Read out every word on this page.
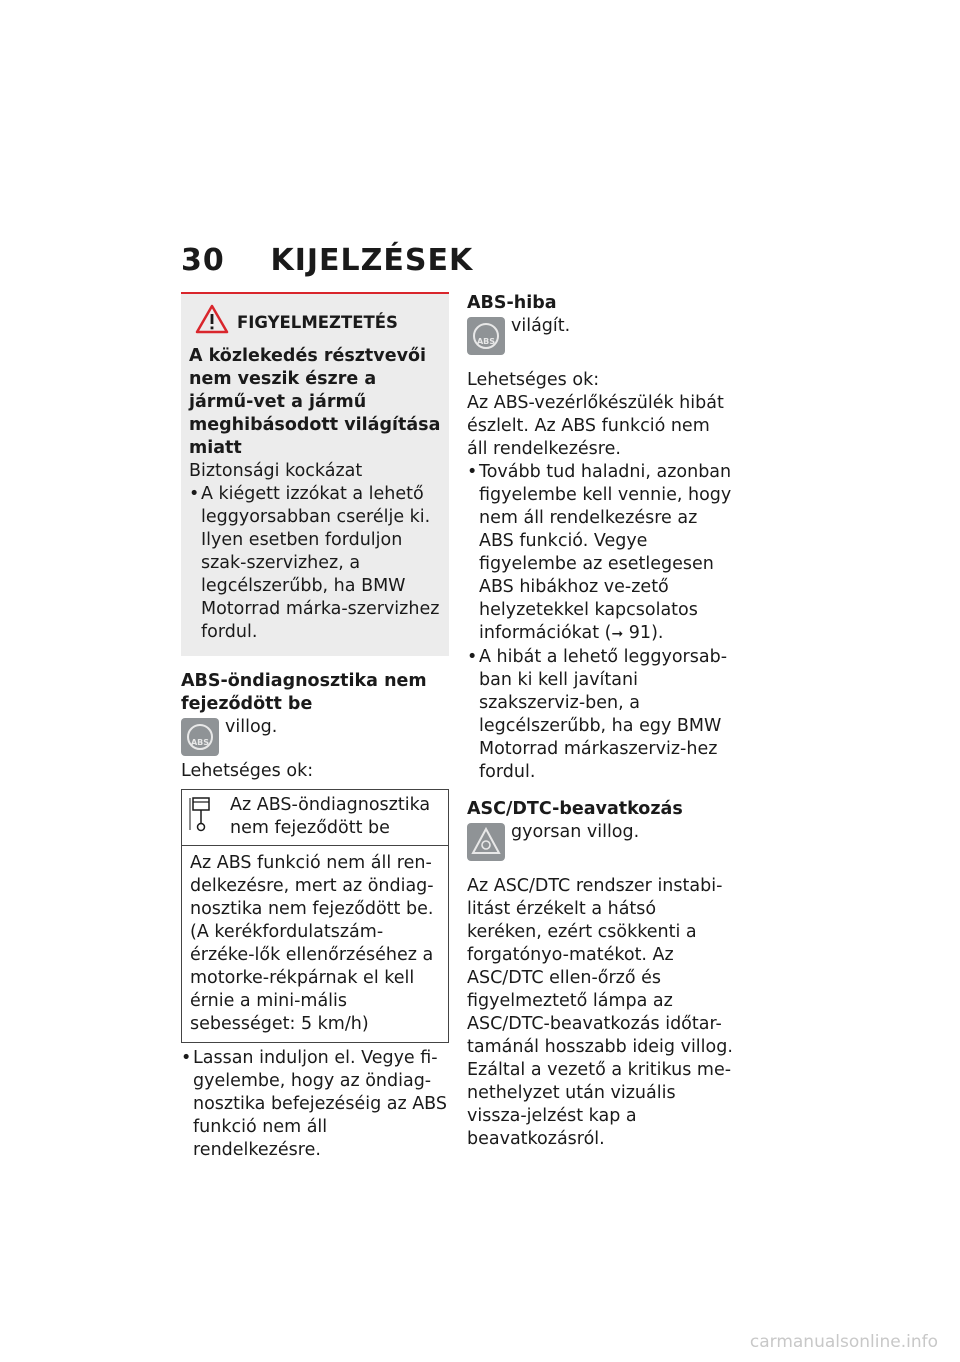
30 KIJELZÉSEK
FIGYELMEZTETÉS

A közlekedés résztvevői nem veszik észre a jármű-vet a jármű meghibásodott világítása miatt

Biztonsági kockázat

• A kiégett izzókat a lehető leggyorsabban cserélje ki. Ilyen esetben forduljon szak-szervizhez, a legcélszerűbb, ha BMW Motorrad márka-szervizhez fordul.

ABS-öndiagnosztika nem fejeződött be

ABS
villog.

Lehetséges ok:

Az ABS-öndiagnosztika nem fejeződött be
Az ABS funkció nem áll ren-delkezésre, mert az öndiag-nosztika nem fejeződött be. (A kerékfordulatszám-érzéke-lők ellenőrzéséhez a motorke-rékpárnak el kell érnie a mini-mális sebességet: 5 km/h)
• Lassan induljon el. Vegye fi-gyelembe, hogy az öndiag-nosztika befejezéséig az ABS funkció nem áll rendelkezésre.

ABS-hiba

ABS
világít.

Lehetséges ok:

Az ABS-vezérlőkészülék hibát észlelt. Az ABS funkció nem áll rendelkezésre.

• Tovább tud haladni, azonban figyelembe kell vennie, hogy nem áll rendelkezésre az ABS funkció. Vegye figyelembe az esetlegesen ABS hibákhoz ve-zető helyzetekkel kapcsolatos információkat (➞ 91).
• A hibát a lehető leggyorsab-ban ki kell javítani szakszerviz-ben, a legcélszerűbb, ha egy BMW Motorrad márkaszerviz-hez fordul.

ASC/DTC-beavatkozás

gyorsan villog.

Az ASC/DTC rendszer instabi-litást érzékelt a hátsó keréken, ezért csökkenti a forgatónyo-matékot. Az ASC/DTC ellen-őrző és figyelmeztető lámpa az ASC/DTC-beavatkozás időtar-tamánál hosszabb ideig villog. Ezáltal a vezető a kritikus me-nethelyzet után vizuális vissza-jelzést kap a beavatkozásról.

carmanualsonline.info
